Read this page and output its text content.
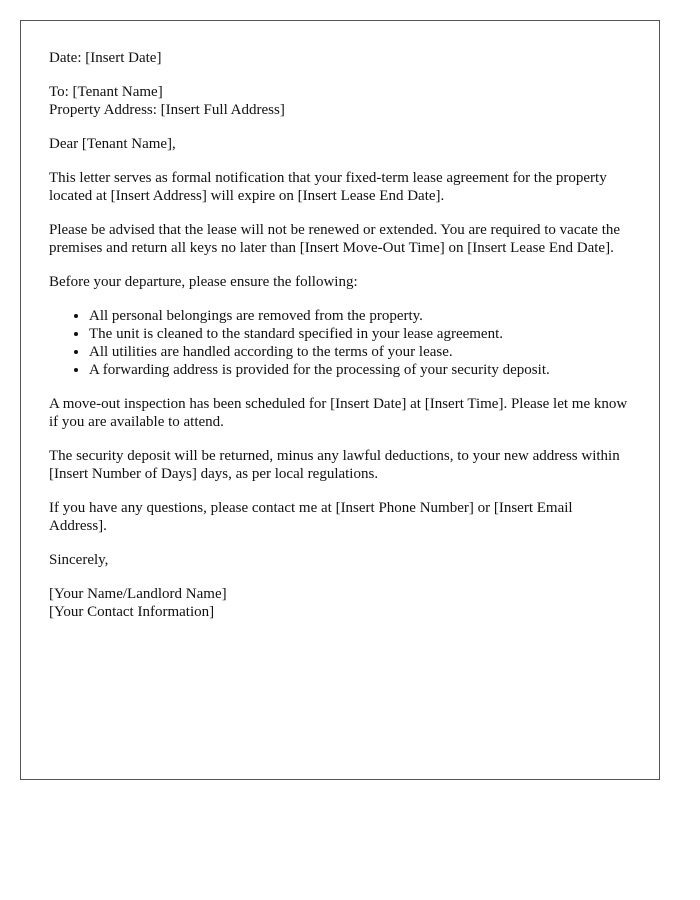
Date: [Insert Date]

To: [Tenant Name]

Property Address: [Insert Full Address]

Dear [Tenant Name],

This letter serves as formal notification that your fixed-term lease agreement for the property located at [Insert Address] will expire on [Insert Lease End Date].

Please be advised that the lease will not be renewed or extended. You are required to vacate the premises and return all keys no later than [Insert Move-Out Time] on [Insert Lease End Date].

Before your departure, please ensure the following:

• All personal belongings are removed from the property.
• The unit is cleaned to the standard specified in your lease agreement.
• All utilities are handled according to the terms of your lease.
• A forwarding address is provided for the processing of your security deposit.

A move-out inspection has been scheduled for [Insert Date] at [Insert Time]. Please let me know if you are available to attend.

The security deposit will be returned, minus any lawful deductions, to your new address within [Insert Number of Days] days, as per local regulations.

If you have any questions, please contact me at [Insert Phone Number] or [Insert Email Address].

Sincerely,

[Your Name/Landlord Name]

[Your Contact Information]
